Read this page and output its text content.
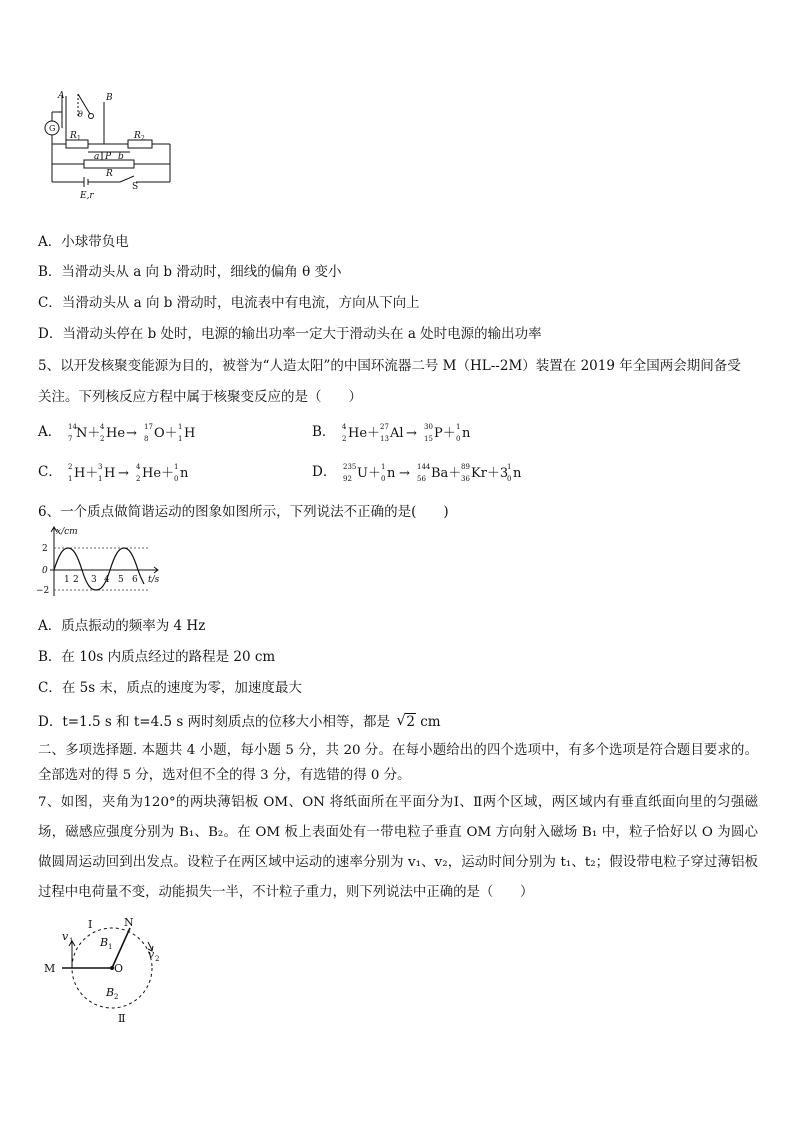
A	B
θ
G
R 1	R 2
a P b
R
E,r
S
A．小球带负电
B．当滑动头从 a 向 b 滑动时，细线的偏角 θ 变小
C．当滑动头从 a 向 b 滑动时，电流表中有电流，方向从下向上
D．当滑动头停在 b 处时，电源的输出功率一定大于滑动头在 a 处时电源的输出功率
5、以开发核聚变能源为目的，被誉为“人造太阳”的中国环流器二号 M（HL--2M）装置在 2019 年全国两会期间备受
关注。下列核反应方程中属于核聚变反应的是（　　）
A． 14
7 N＋ 4
2 He → 17
8 O＋ 1
1 H	B． 4
2 He＋ 27
13 Al → 30
15 P＋ 1
0 n
C． 2
1 H＋ 3
1 H → 4
2 He＋ 1
0 n	D． 235
92 U＋ 1
0 n → 144
56 Ba＋ 89
36 Kr＋3
1
0 n
6、一个质点做简谐运动的图象如图所示，下列说法不正确的是(　　)
x/cm
t/s
2
0
−2
1 2 3 4 5 6
A．质点振动的频率为 4 Hz
B．在 10s 内质点经过的路程是 20 cm
C．在 5s 末，质点的速度为零，加速度最大
D．t=1.5 s 和 t=4.5 s 两时刻质点的位移大小相等，都是 √ 2 cm
二、多项选择题. 本题共 4 小题，每小题 5 分，共 20 分。在每小题给出的四个选项中，有多个选项是符合题目要求的。全部选对的得 5 分，选对但不全的得 3 分，有选错的得 0 分。
7、如图，夹角为120°的两块薄铝板 OM、ON 将纸面所在平面分为Ⅰ、Ⅱ两个区域，两区域内有垂直纸面向里的匀强磁场，磁感应强度分别为 B₁、B₂。在 OM 板上表面处有一带电粒子垂直 OM 方向射入磁场 B₁ 中，粒子恰好以 O 为圆心做圆周运动回到出发点。设粒子在两区域中运动的速率分别为 v₁、v₂，运动时间分别为 t₁、t₂；假设带电粒子穿过薄铝板过程中电荷量不变，动能损失一半，不计粒子重力，则下列说法中正确的是（　　）
I
Ⅱ
N
M	O
v 1
v 2
B 1
B 2
